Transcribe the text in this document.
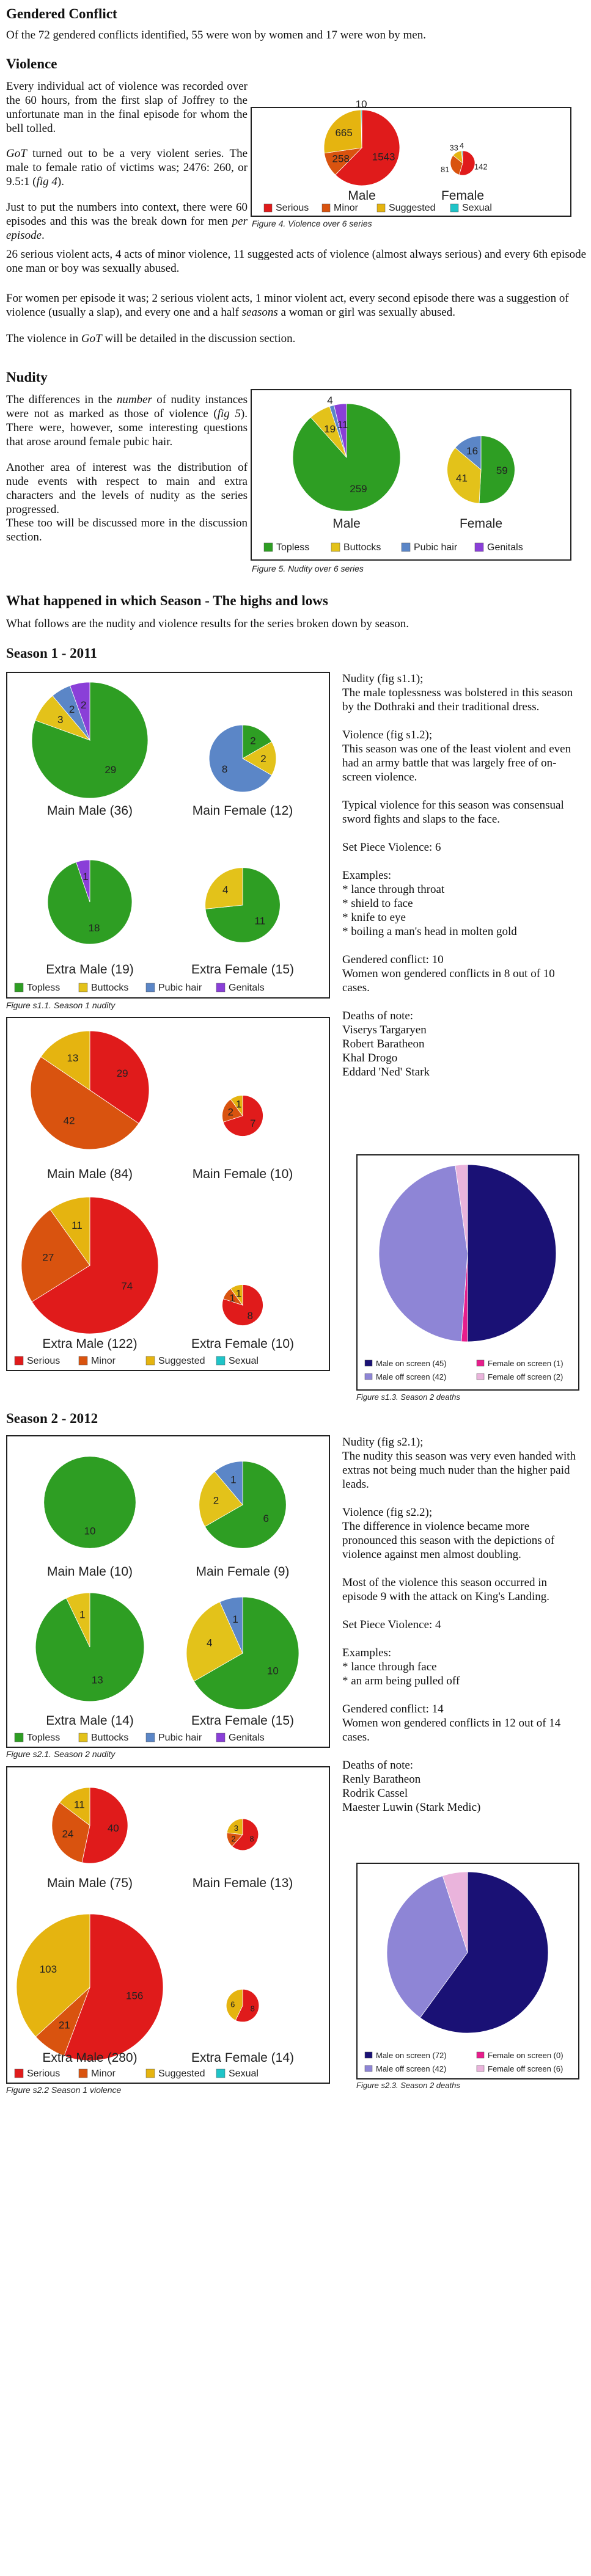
Gendered Conflict

Of the 72 gendered conflicts identified, 55 were won by women and 17 were won by men.

Violence

Every individual act of violence was recorded over the 60 hours, from the first slap of Joffrey to the unfortunate man in the final episode for whom the bell tolled.

GoT turned out to be a very violent series. The male to female ratio of victims was; 2476: 260, or 9.5:1 (fig 4).

Just to put the numbers into context, there were 60 episodes and this was the break down for men per episode.

26 serious violent acts, 4 acts of minor violence, 11 suggested acts of violence (almost always serious) and every 6th episode one man or boy was sexually abused.

For women per episode it was; 2 serious violent acts, 1 minor violent act, every second episode there was a suggestion of violence (usually a slap), and every one and a half seasons a woman or girl was sexually abused.

The violence in GoT will be detailed in the discussion section.

1543
258
665
10
142
81
33 4
Male	Female
Serious	Minor	Suggested	Sexual
Figure 4. Violence over 6 series
Nudity

The differences in the number of nudity instances were not as marked as those of violence (fig 5). There were, however, some interesting questions that arose around female pubic hair.

Another area of interest was the distribution of nude events with respect to main and extra characters and the levels of nudity as the series progressed.

These too will be discussed more in the discussion section.

259
19
4
11
59
41
16
Male	Female
Topless	Buttocks	Pubic hair	Genitals
Figure 5. Nudity over 6 series
What happened in which Season - The highs and lows

What follows are the nudity and violence results for the series broken down by season.

Season 1 - 2011
29
3
2 2
Main Male (36)
2
2
8
Main Female (12)
18
1
Extra Male (19)
11
4
Extra Female (15)
Topless	Buttocks	Pubic hair	Genitals
Figure s1.1. Season 1 nudity
29
42
13
Main Male (84)
7
2
1
Main Female (10)
74
27
11
Extra Male (122)
8
1 1
Extra Female (10)
Serious	Minor	Suggested Sexual	Male on screen (45)	Female on screen (1)
Male off screen (42)	Female off screen (2)
Figure s1.3. Season 2 deaths

Nudity (fig s1.1);

The male toplessness was bolstered in this season by the Dothraki and their traditional dress.

Violence (fig s1.2);

This season was one of the least violent and even had an army battle that was largely free of on-screen violence.

Typical violence for this season was consensual sword fights and slaps to the face.

Set Piece Violence: 6

Examples:

* lance through throat

* shield to face

* knife to eye

* boiling a man's head in molten gold

Gendered conflict: 10

Women won gendered conflicts in 8 out of 10 cases.

Deaths of note:

Viserys Targaryen

Robert Baratheon

Khal Drogo

Eddard 'Ned' Stark

Season 2 - 2012
10
Main Male (10)
6
2
1
Main Female (9)
13
1
Extra Male (14)
10
4
1
Extra Female (15)
Topless	Buttocks	Pubic hair	Genitals
Figure s2.1. Season 2 nudity
40
24
11
Main Male (75)
8
2
3
Main Female (13)
156
21
103
Extra Male (280)
8
6
Extra Female (14)
Serious	Minor	Suggested Sexual
Figure s2.2 Season 1 violence
Male on screen (72)	Female on screen (0)
Male off screen (42)	Female off screen (6)
Figure s2.3. Season 2 deaths

Nudity (fig s2.1);

The nudity this season was very even handed with extras not being much nuder than the higher paid leads.

Violence (fig s2.2);

The difference in violence became more pronounced this season with the depictions of violence against men almost doubling.

Most of the violence this season occurred in episode 9 with the attack on King's Landing.

Set Piece Violence: 4

Examples:

* lance through face

* an arm being pulled off

Gendered conflict: 14

Women won gendered conflicts in 12 out of 14 cases.

Deaths of note:

Renly Baratheon

Rodrik Cassel

Maester Luwin (Stark Medic)
